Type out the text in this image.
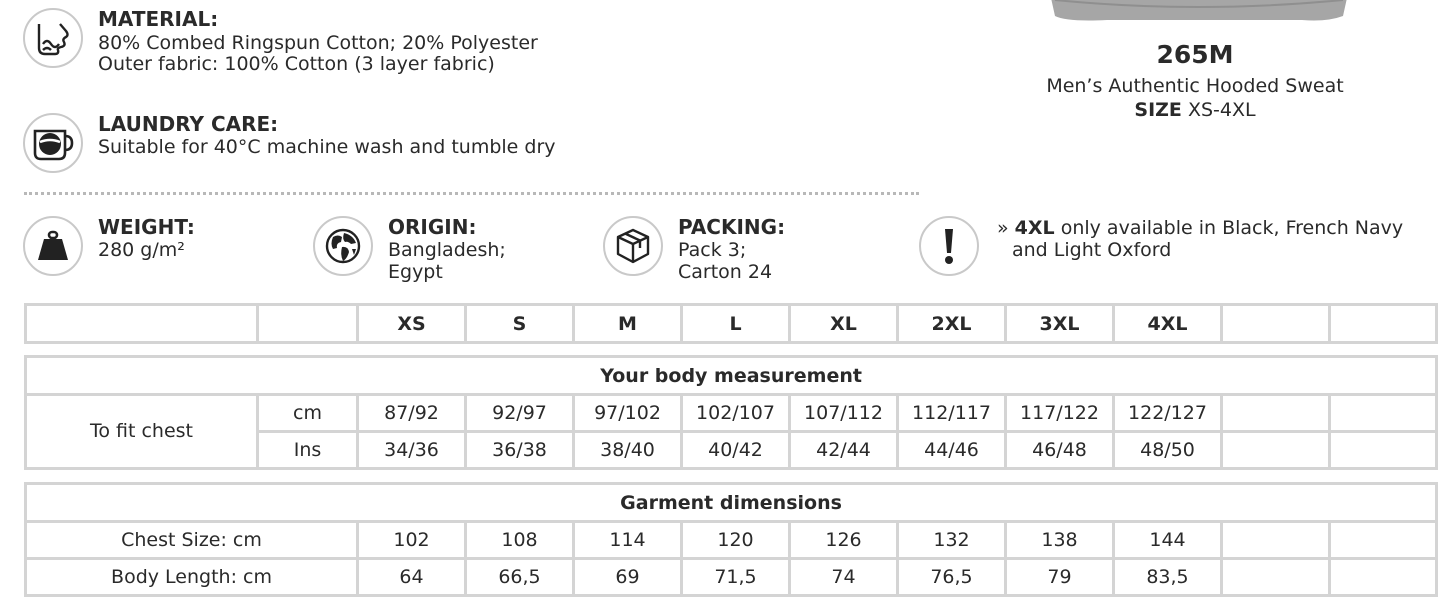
265M
Men’s Authentic Hooded Sweat
SIZE XS-4XL
MATERIAL:
80% Combed Ringspun Cotton; 20% Polyester
Outer fabric: 100% Cotton (3 layer fabric)
LAUNDRY CARE:
Suitable for 40°C machine wash and tumble dry
WEIGHT:
280 g/m²
ORIGIN:
Bangladesh;
Egypt
PACKING:
Pack 3;
Carton 24
» 4XL only available in Black, French Navy
and Light Oxford
		XS	S	M	L	XL	2XL	3XL	4XL		
Your body measurement											

To fit chest	cm	87/92	92/97	97/102	102/107	107/112	112/117	117/122	122/127		
	Ins	34/36	36/38	38/40	40/42	42/44	44/46	46/48	48/50		
Garment dimensions										
Chest Size: cm	102	108	114	120	126	132	138	144		
Body Length: cm	64	66,5	69	71,5	74	76,5	79	83,5		
